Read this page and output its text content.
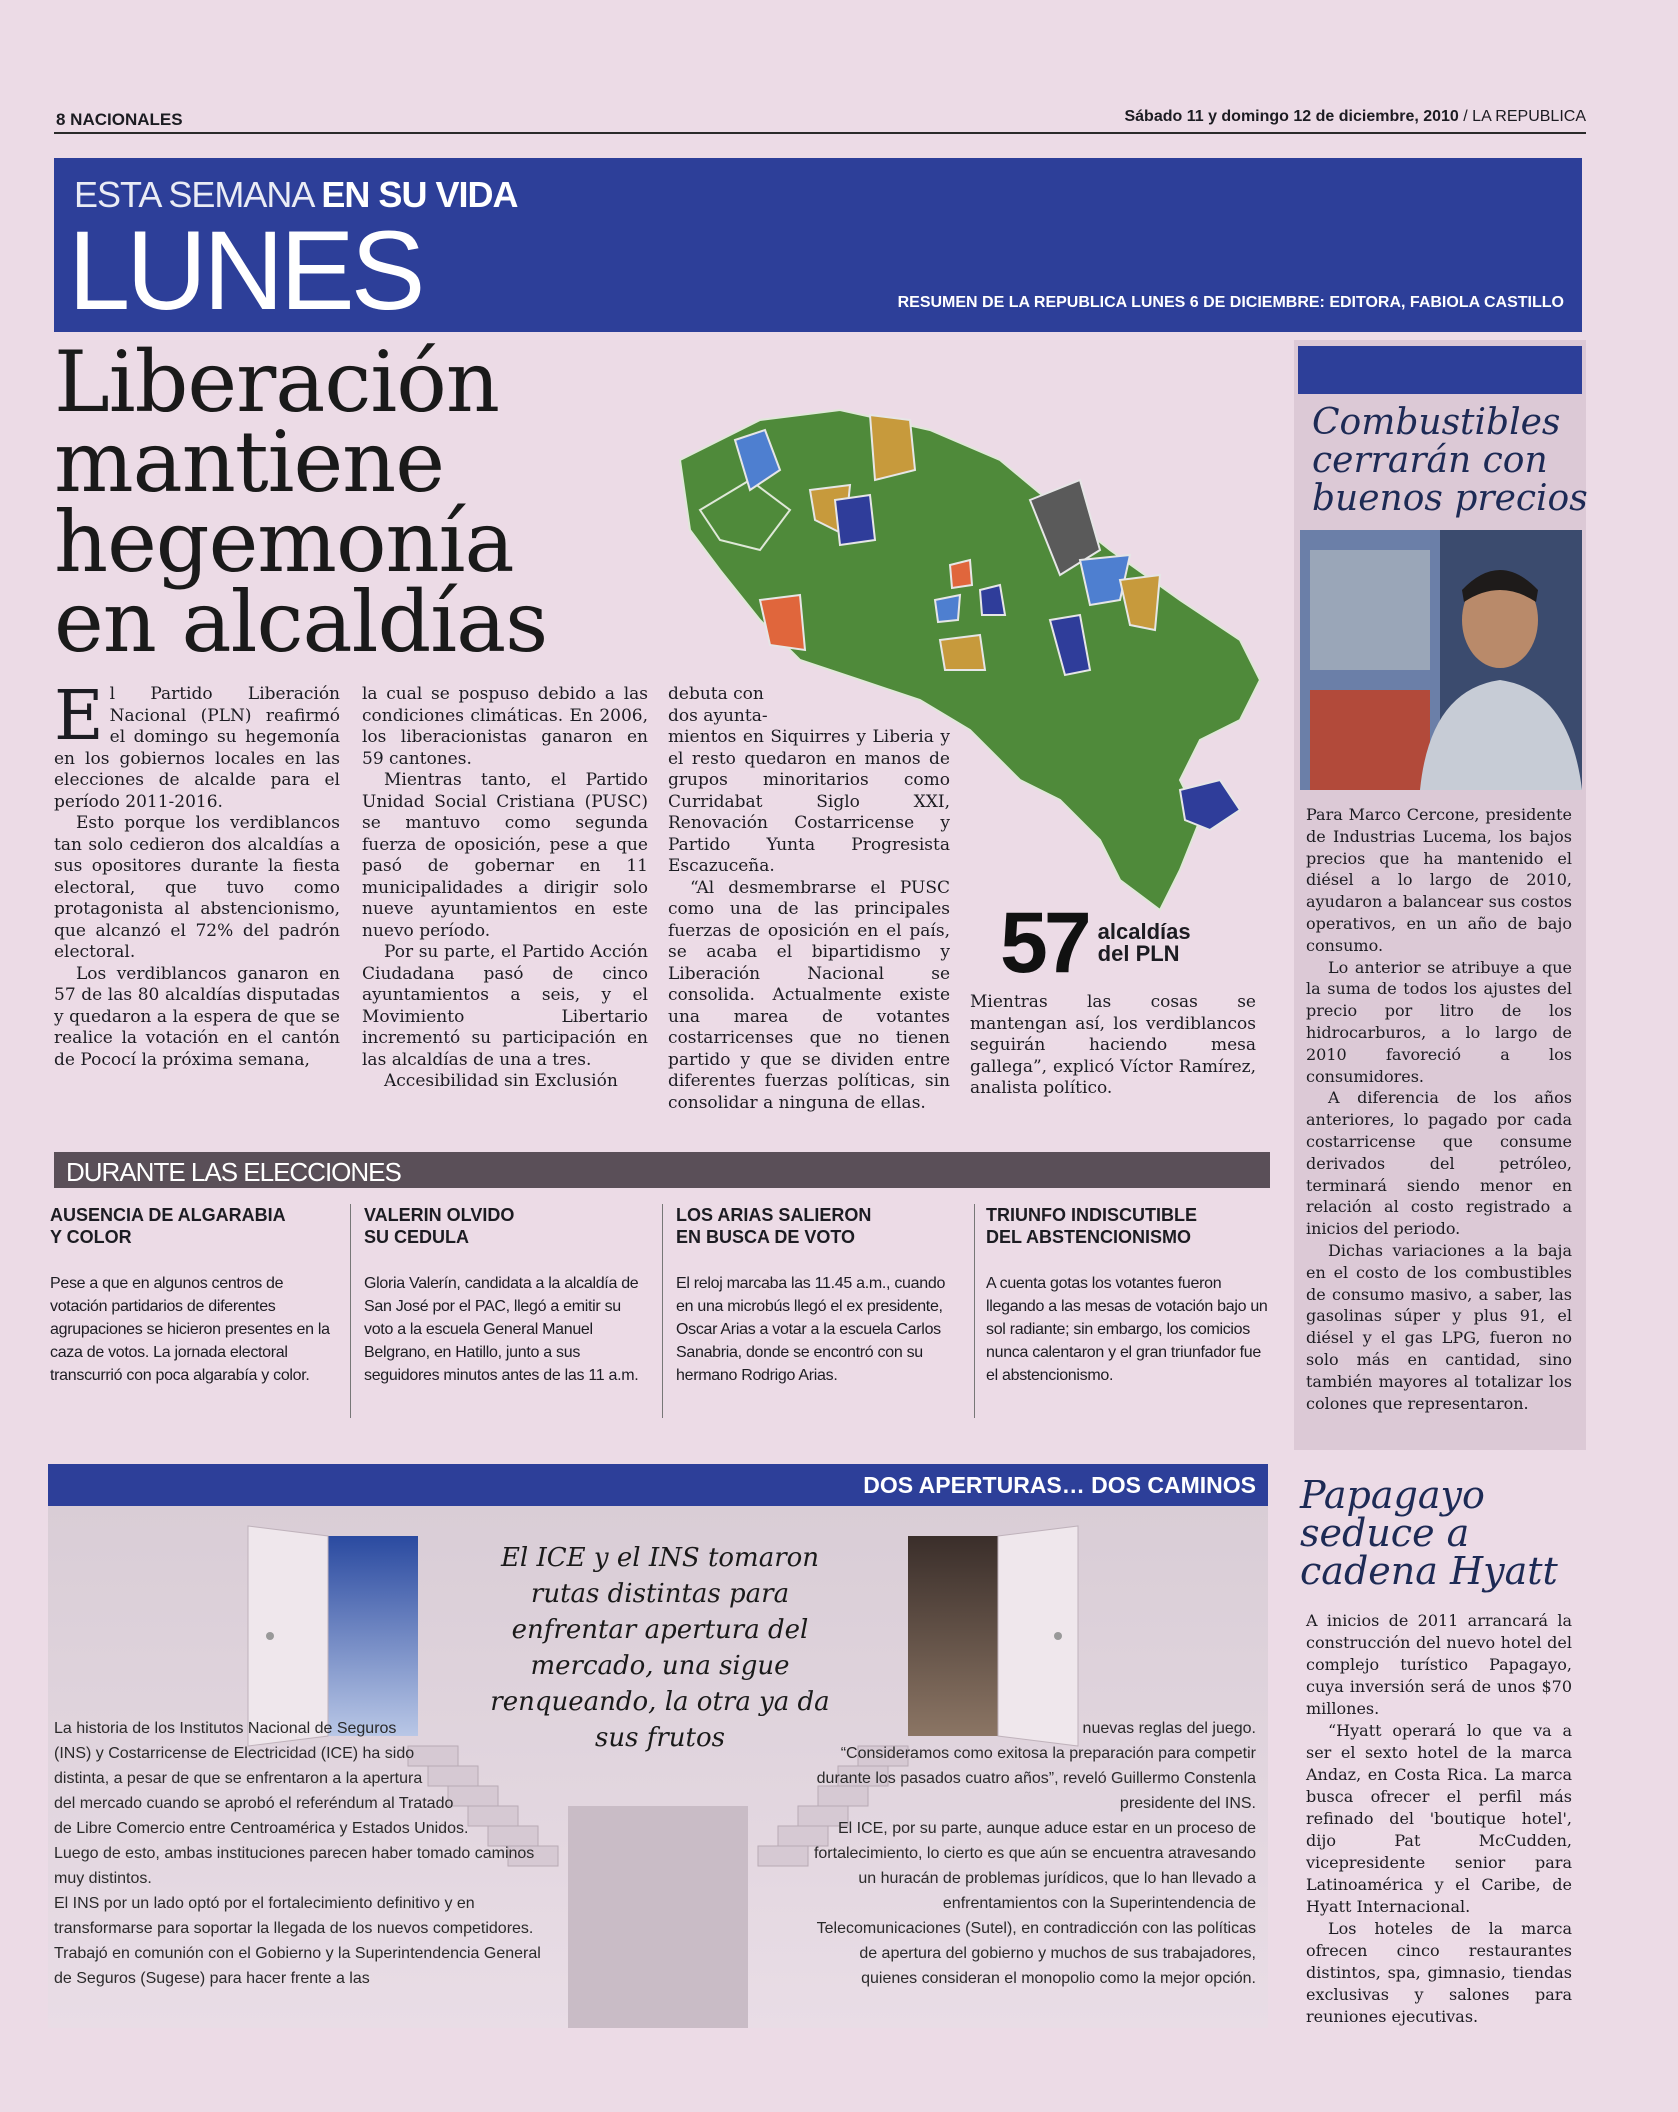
8 NACIONALES	Sábado 11 y domingo 12 de diciembre, 2010 / LA REPUBLICA
ESTA SEMANA EN SU VIDA
LUNES	RESUMEN DE LA REPUBLICA LUNES 6 DE DICIEMBRE: EDITORA, FABIOLA CASTILLO
Liberación mantiene
hegemonía
en alcaldías

El Partido Liberación Nacional (PLN) reafirmó el domingo su hegemonía en los gobiernos locales en las elecciones de alcalde para el período 2011-2016.

Esto porque los verdiblancos tan solo cedieron dos alcaldías a sus opositores durante la fiesta electoral, que tuvo como protagonista al abstencionismo, que alcanzó el 72% del padrón electoral.

Los verdiblancos ganaron en 57 de las 80 alcaldías disputadas y quedaron a la espera de que se realice la votación en el cantón de Pococí la próxima semana,

la cual se pospuso debido a las condiciones climáticas. En 2006, los liberacionistas ganaron en 59 cantones.

Mientras tanto, el Partido Unidad Social Cristiana (PUSC) se mantuvo como segunda fuerza de oposición, pese a que pasó de gobernar en 11 municipalidades a dirigir solo nueve ayuntamientos en este nuevo período.

Por su parte, el Partido Acción Ciudadana pasó de cinco ayuntamientos a seis, y el Movimiento Libertario incrementó su participación en las alcaldías de una a tres.

Accesibilidad sin Exclusión

debuta con

dos ayunta-

mientos en Siquirres y Liberia y el resto quedaron en manos de grupos minoritarios como Curridabat Siglo XXI, Renovación Costarricense y Partido Yunta Progresista Escazuceña.

“Al desmembrarse el PUSC como una de las principales fuerzas de oposición en el país, se acaba el bipartidismo y Liberación Nacional se consolida. Actualmente existe una marea de votantes costarricenses que no tienen partido y que se dividen entre diferentes fuerzas políticas, sin consolidar a ninguna de ellas.

57 alcaldías
del PLN

Mientras las cosas se mantengan así, los verdiblancos seguirán haciendo mesa gallega”, explicó Víctor Ramírez, analista político.

Combustibles
cerrarán con
buenos precios

Para Marco Cercone, presidente de Industrias Lucema, los bajos precios que ha mantenido el diésel a lo largo de 2010, ayudaron a balancear sus costos operativos, en un año de bajo consumo.

Lo anterior se atribuye a que la suma de todos los ajustes del precio por litro de los hidrocarburos, a lo largo de 2010 favoreció a los consumidores.

A diferencia de los años anteriores, lo pagado por cada costarricense que consume derivados del petróleo, terminará siendo menor en relación al costo registrado a inicios del periodo.

Dichas variaciones a la baja en el costo de los combustibles de consumo masivo, a saber, las gasolinas súper y plus 91, el diésel y el gas LPG, fueron no solo más en cantidad, sino también mayores al totalizar los colones que representaron.

DURANTE LAS ELECCIONES
AUSENCIA DE ALGARABIA
Y COLOR
Pese a que en algunos centros de votación partidarios de diferentes agrupaciones se hicieron presentes en la caza de votos. La jornada electoral transcurrió con poca algarabía y color.
VALERIN OLVIDO
SU CEDULA
Gloria Valerín, candidata a la alcaldía de San José por el PAC, llegó a emitir su voto a la escuela General Manuel Belgrano, en Hatillo, junto a sus seguidores minutos antes de las 11 a.m.
LOS ARIAS SALIERON
EN BUSCA DE VOTO
El reloj marcaba las 11.45 a.m., cuando en una microbús llegó el ex presidente, Oscar Arias a votar a la escuela Carlos Sanabria, donde se encontró con su hermano Rodrigo Arias.
TRIUNFO INDISCUTIBLE
DEL ABSTENCIONISMO
A cuenta gotas los votantes fueron llegando a las mesas de votación bajo un sol radiante; sin embargo, los comicios nunca calentaron y el gran triunfador fue el abstencionismo.
DOS APERTURAS… DOS CAMINOS
El ICE y el INS tomaron rutas distintas para enfrentar apertura del mercado, una sigue renqueando, la otra ya da sus frutos
La historia de los Institutos Nacional de Seguros
(INS) y Costarricense de Electricidad (ICE) ha sido
distinta, a pesar de que se enfrentaron a la apertura
del mercado cuando se aprobó el referéndum al Tratado
de Libre Comercio entre Centroamérica y Estados Unidos.
Luego de esto, ambas instituciones parecen haber tomado caminos muy distintos.
El INS por un lado optó por el fortalecimiento definitivo y en transformarse para soportar la llegada de los nuevos competidores. Trabajó en comunión con el Gobierno y la Superintendencia General de Seguros (Sugese) para hacer frente a las
nuevas reglas del juego.
“Consideramos como exitosa la preparación para competir durante los pasados cuatro años”, reveló Guillermo Constenla presidente del INS.
El ICE, por su parte, aunque aduce estar en un proceso de fortalecimiento, lo cierto es que aún se encuentra atravesando un huracán de problemas jurídicos, que lo han llevado a enfrentamientos con la Superintendencia de Telecomunicaciones (Sutel), en contradicción con las políticas de apertura del gobierno y muchos de sus trabajadores, quienes consideran el monopolio como la mejor opción.
Papagayo
seduce a
cadena Hyatt

A inicios de 2011 arrancará la construcción del nuevo hotel del complejo turístico Papagayo, cuya inversión será de unos $70 millones.

“Hyatt operará lo que va a ser el sexto hotel de la marca Andaz, en Costa Rica. La marca busca ofrecer el perfil más refinado del 'boutique hotel', dijo Pat McCudden, vicepresidente senior para Latinoamérica y el Caribe, de Hyatt Internacional.

Los hoteles de la marca ofrecen cinco restaurantes distintos, spa, gimnasio, tiendas exclusivas y salones para reuniones ejecutivas.
